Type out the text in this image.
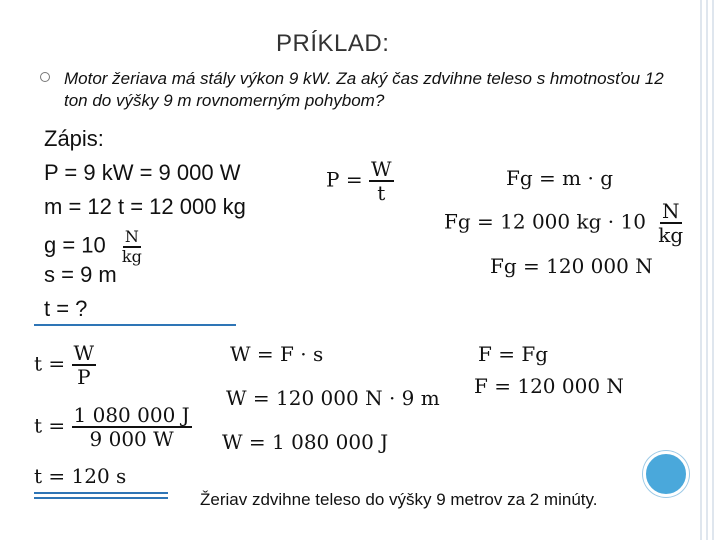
PRÍKLAD:
Motor žeriava má stály výkon 9 kW. Za aký čas zdvihne teleso s hmotnosťou 12 ton do výšky 9 m rovnomerným pohybom?
Zápis:
P = 9 kW = 9 000 W
m = 12 t = 12 000 kg
$g = 10 \frac{N}{kg}$
s = 9 m
t = ?
$P = \frac{W}{t}$	Fg = m · g
Fg = 12 000 kg · $10 \frac{N}{kg}$
Fg = 120 000 N
$t = \frac{W}{P}$
$t = \frac{1 080 000 J}{9 000 W}$
t = 120 s
W = F · s
W = 120 000 N · 9 m
W = 1 080 000 J
F = Fg
F = 120 000 N
Žeriav zdvihne teleso do výšky 9 metrov za 2 minúty.
